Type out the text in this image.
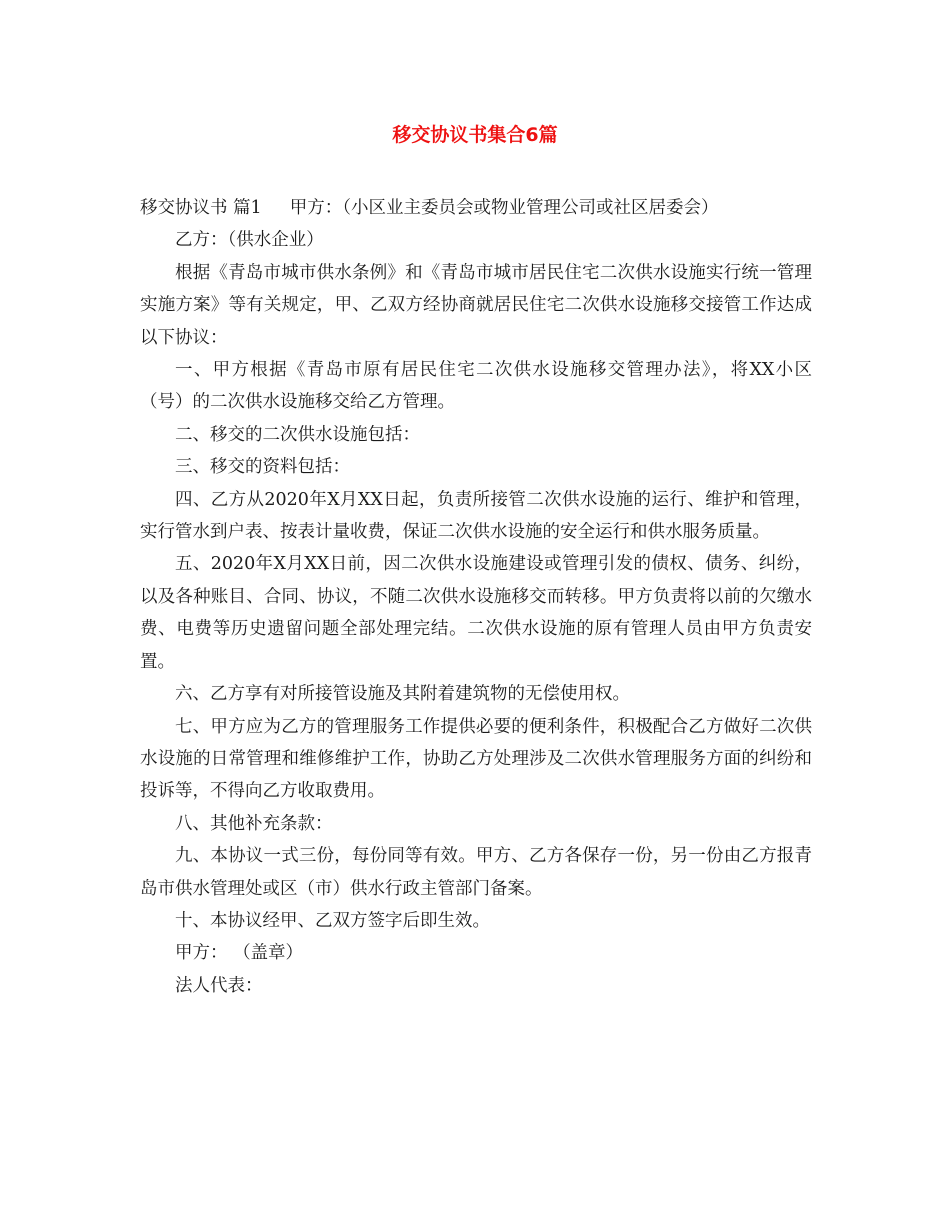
移交协议书集合6篇

移交协议书 篇1 甲方：（小区业主委员会或物业管理公司或社区居委会）

乙方：（供水企业）

根据《青岛市城市供水条例》和《青岛市城市居民住宅二次供水设施实行统一管理实施方案》等有关规定，甲、乙双方经协商就居民住宅二次供水设施移交接管工作达成以下协议：

一、甲方根据《青岛市原有居民住宅二次供水设施移交管理办法》，将XX小区（号）的二次供水设施移交给乙方管理。

二、移交的二次供水设施包括：

三、移交的资料包括：

四、乙方从2020年X月XX日起，负责所接管二次供水设施的运行、维护和管理，实行管水到户表、按表计量收费，保证二次供水设施的安全运行和供水服务质量。

五、2020年X月XX日前，因二次供水设施建设或管理引发的债权、债务、纠纷，以及各种账目、合同、协议，不随二次供水设施移交而转移。甲方负责将以前的欠缴水费、电费等历史遗留问题全部处理完结。二次供水设施的原有管理人员由甲方负责安置。

六、乙方享有对所接管设施及其附着建筑物的无偿使用权。

七、甲方应为乙方的管理服务工作提供必要的便利条件，积极配合乙方做好二次供水设施的日常管理和维修维护工作，协助乙方处理涉及二次供水管理服务方面的纠纷和投诉等，不得向乙方收取费用。

八、其他补充条款：

九、本协议一式三份，每份同等有效。甲方、乙方各保存一份，另一份由乙方报青岛市供水管理处或区（市）供水行政主管部门备案。

十、本协议经甲、乙双方签字后即生效。

甲方： （盖章）

法人代表：
